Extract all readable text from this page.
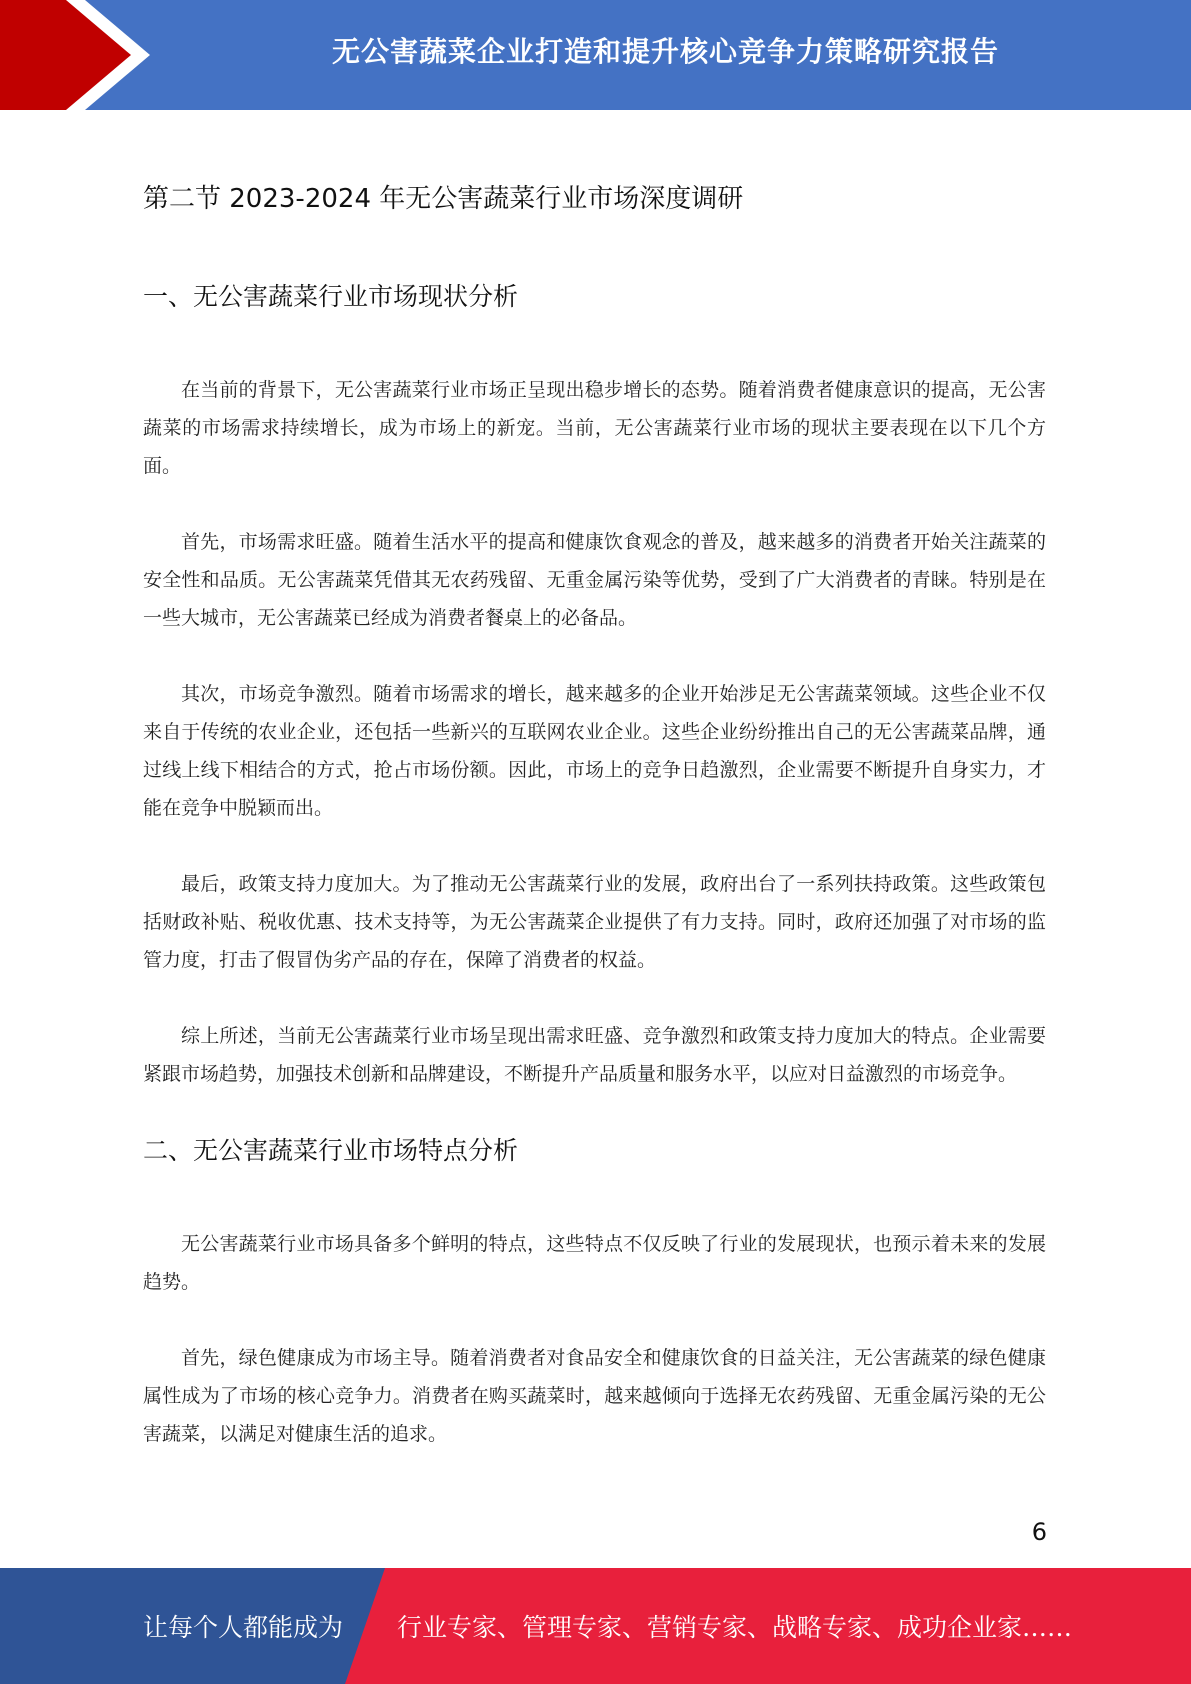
无公害蔬菜企业打造和提升核心竞争力策略研究报告
第二节 2023-2024 年无公害蔬菜行业市场深度调研
一、无公害蔬菜行业市场现状分析

在当前的背景下，无公害蔬菜行业市场正呈现出稳步增长的态势。随着消费者健康意识的提高，无公害蔬菜的市场需求持续增长，成为市场上的新宠。当前，无公害蔬菜行业市场的现状主要表现在以下几个方面。

首先，市场需求旺盛。随着生活水平的提高和健康饮食观念的普及，越来越多的消费者开始关注蔬菜的安全性和品质。无公害蔬菜凭借其无农药残留、无重金属污染等优势，受到了广大消费者的青睐。特别是在一些大城市，无公害蔬菜已经成为消费者餐桌上的必备品。

其次，市场竞争激烈。随着市场需求的增长，越来越多的企业开始涉足无公害蔬菜领域。这些企业不仅来自于传统的农业企业，还包括一些新兴的互联网农业企业。这些企业纷纷推出自己的无公害蔬菜品牌，通过线上线下相结合的方式，抢占市场份额。因此，市场上的竞争日趋激烈，企业需要不断提升自身实力，才能在竞争中脱颖而出。

最后，政策支持力度加大。为了推动无公害蔬菜行业的发展，政府出台了一系列扶持政策。这些政策包括财政补贴、税收优惠、技术支持等，为无公害蔬菜企业提供了有力支持。同时，政府还加强了对市场的监管力度，打击了假冒伪劣产品的存在，保障了消费者的权益。

综上所述，当前无公害蔬菜行业市场呈现出需求旺盛、竞争激烈和政策支持力度加大的特点。企业需要紧跟市场趋势，加强技术创新和品牌建设，不断提升产品质量和服务水平，以应对日益激烈的市场竞争。

二、无公害蔬菜行业市场特点分析

无公害蔬菜行业市场具备多个鲜明的特点，这些特点不仅反映了行业的发展现状，也预示着未来的发展趋势。

首先，绿色健康成为市场主导。随着消费者对食品安全和健康饮食的日益关注，无公害蔬菜的绿色健康属性成为了市场的核心竞争力。消费者在购买蔬菜时，越来越倾向于选择无农药残留、无重金属污染的无公害蔬菜，以满足对健康生活的追求。

6
让每个人都能成为 行业专家、管理专家、营销专家、战略专家、成功企业家……
